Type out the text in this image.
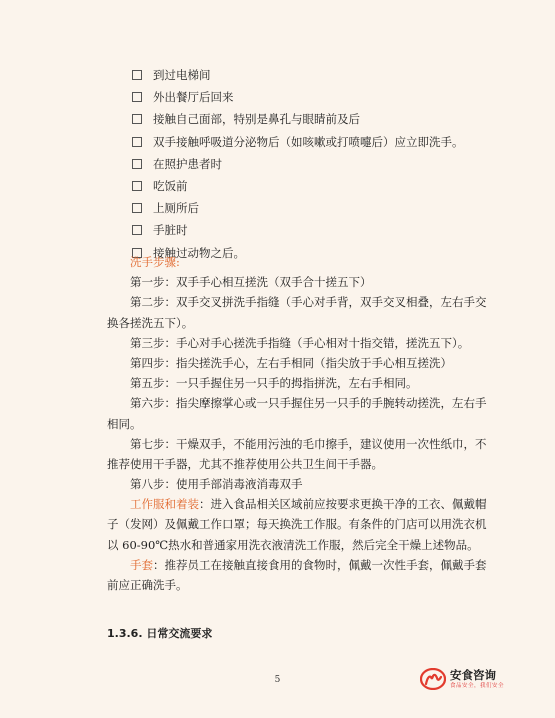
到过电梯间
外出餐厅后回来
接触自己面部，特别是鼻孔与眼睛前及后
双手接触呼吸道分泌物后（如咳嗽或打喷嚏后）应立即洗手。
在照护患者时
吃饭前
上厕所后
手脏时
接触过动物之后。
洗手步骤:
第一步：双手手心相互搓洗（双手合十搓五下）
第二步：双手交叉拼洗手指缝（手心对手背，双手交叉相叠，左右手交
换各搓洗五下）。
第三步：手心对手心搓洗手指缝（手心相对十指交错，搓洗五下）。
第四步：指尖搓洗手心，左右手相同（指尖放于手心相互搓洗）
第五步：一只手握住另一只手的拇指拼洗，左右手相同。
第六步：指尖摩擦掌心或一只手握住另一只手的手腕转动搓洗，左右手
相同。
第七步：干燥双手，不能用污浊的毛巾擦手，建议使用一次性纸巾，不
推荐使用干手器，尤其不推荐使用公共卫生间干手器。
第八步：使用手部消毒液消毒双手
工作服和着装：进入食品相关区域前应按要求更换干净的工衣、佩戴帽
子（发网）及佩戴工作口罩；每天换洗工作服。有条件的门店可以用洗衣机
以 60-90℃热水和普通家用洗衣液清洗工作服，然后完全干燥上述物品。
手套：推荐员工在接触直接食用的食物时，佩戴一次性手套，佩戴手套
前应正确洗手。
1.3.6. 日常交流要求
5	安食咨询
食品安全，我们安全
